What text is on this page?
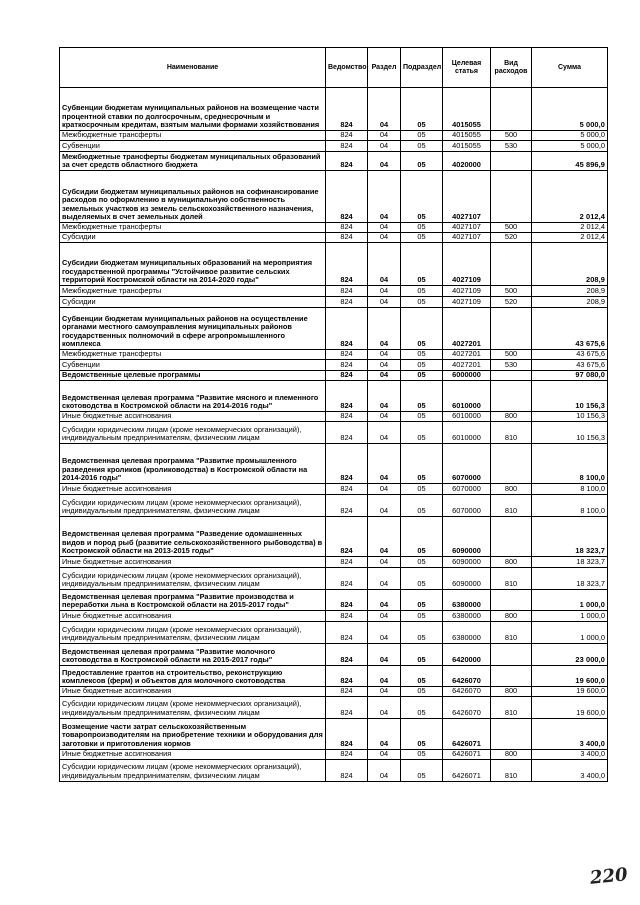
Наименование	Ведомство	Раздел	Подраздел	Целевая статья	Вид расходов	Сумма
Субвенции бюджетам муниципальных районов на возмещение части процентной ставки по долгосрочным, среднесрочным и краткосрочным кредитам, взятым малыми формами хозяйствования	824	04	05	4015055		5 000,0
Межбюджетные трансферты	824	04	05	4015055	500	5 000,0
Субвенции	824	04	05	4015055	530	5 000,0
Межбюджетные трансферты бюджетам муниципальных образований за счет средств областного бюджета	824	04	05	4020000		45 896,9
Субсидии бюджетам муниципальных районов на софинансирование расходов по оформлению в муниципальную собственность земельных участков из земель сельскохозяйственного назначения, выделяемых в счет земельных долей	824	04	05	4027107		2 012,4
Межбюджетные трансферты	824	04	05	4027107	500	2 012,4
Субсидии	824	04	05	4027107	520	2 012,4
Субсидии бюджетам муниципальных образований на мероприятия государственной программы "Устойчивое развитие сельских территорий Костромской области на 2014-2020 годы"	824	04	05	4027109		208,9
Межбюджетные трансферты	824	04	05	4027109	500	208,9
Субсидии	824	04	05	4027109	520	208,9
Субвенции бюджетам муниципальных районов на осуществление органами местного самоуправления муниципальных районов государственных полномочий в сфере агропромышленного комплекса	824	04	05	4027201		43 675,6
Межбюджетные трансферты	824	04	05	4027201	500	43 675,6
Субвенции	824	04	05	4027201	530	43 675,6
Ведомственные целевые программы	824	04	05	6000000		97 080,0
Ведомственная целевая программа "Развитие мясного и племенного скотоводства в Костромской области на 2014-2016 годы"	824	04	05	6010000		10 156,3
Иные бюджетные ассигнования	824	04	05	6010000	800	10 156,3
Субсидии юридическим лицам (кроме некоммерческих организаций), индивидуальным предпринимателям, физическим лицам	824	04	05	6010000	810	10 156,3
Ведомственная целевая программа "Развитие промышленного разведения кроликов (кролиководства) в Костромской области на 2014-2016 годы"	824	04	05	6070000		8 100,0
Иные бюджетные ассигнования	824	04	05	6070000	800	8 100,0
Субсидии юридическим лицам (кроме некоммерческих организаций), индивидуальным предпринимателям, физическим лицам	824	04	05	6070000	810	8 100,0
Ведомственная целевая программа "Разведение одомашненных видов и пород рыб (развитие сельскохозяйственного рыбоводства) в Костромской области на 2013-2015 годы"	824	04	05	6090000		18 323,7
Иные бюджетные ассигнования	824	04	05	6090000	800	18 323,7
Субсидии юридическим лицам (кроме некоммерческих организаций), индивидуальным предпринимателям, физическим лицам	824	04	05	6090000	810	18 323,7
Ведомственная целевая программа "Развитие производства и переработки льна в Костромской области на 2015-2017 годы"	824	04	05	6380000		1 000,0
Иные бюджетные ассигнования	824	04	05	6380000	800	1 000,0
Субсидии юридическим лицам (кроме некоммерческих организаций), индивидуальным предпринимателям, физическим лицам	824	04	05	6380000	810	1 000,0
Ведомственная целевая программа "Развитие молочного скотоводства в Костромской области на 2015-2017 годы"	824	04	05	6420000		23 000,0
Предоставление грантов на строительство, реконструкцию комплексов (ферм) и объектов для молочного скотоводства	824	04	05	6426070		19 600,0
Иные бюджетные ассигнования	824	04	05	6426070	800	19 600,0
Субсидии юридическим лицам (кроме некоммерческих организаций), индивидуальным предпринимателям, физическим лицам	824	04	05	6426070	810	19 600,0
Возмещение части затрат сельскохозяйственным товаропроизводителям на приобретение техники и оборудования для заготовки и приготовления кормов	824	04	05	6426071		3 400,0
Иные бюджетные ассигнования	824	04	05	6426071	800	3 400,0
Субсидии юридическим лицам (кроме некоммерческих организаций), индивидуальным предпринимателям, физическим лицам	824	04	05	6426071	810	3 400,0
220
